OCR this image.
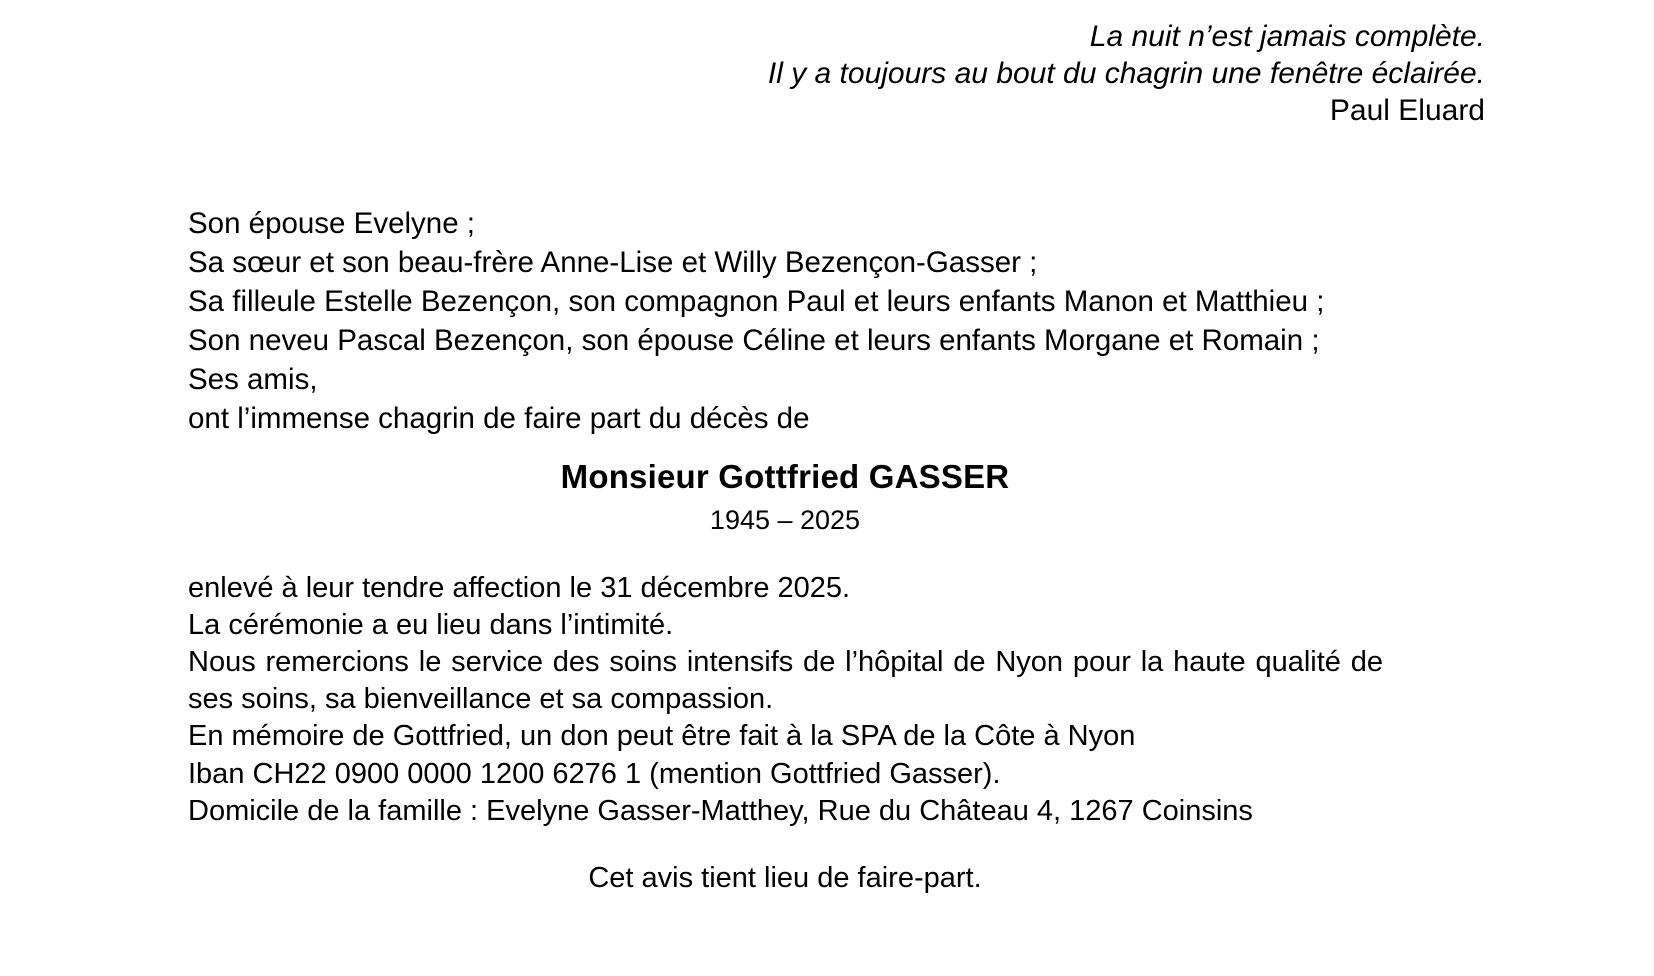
La nuit n’est jamais complète.
Il y a toujours au bout du chagrin une fenêtre éclairée.
Paul Eluard
Son épouse Evelyne ;
Sa sœur et son beau-frère Anne-Lise et Willy Bezençon-Gasser ;
Sa filleule Estelle Bezençon, son compagnon Paul et leurs enfants Manon et Matthieu ;
Son neveu Pascal Bezençon, son épouse Céline et leurs enfants Morgane et Romain ;
Ses amis,
ont l’immense chagrin de faire part du décès de
Monsieur Gottfried GASSER
1945 – 2025
enlevé à leur tendre affection le 31 décembre 2025.
La cérémonie a eu lieu dans l’intimité.
Nous remercions le service des soins intensifs de l’hôpital de Nyon pour la haute qualité de ses soins, sa bienveillance et sa compassion.
En mémoire de Gottfried, un don peut être fait à la SPA de la Côte à Nyon
Iban CH22 0900 0000 1200 6276 1 (mention Gottfried Gasser).
Domicile de la famille : Evelyne Gasser-Matthey, Rue du Château 4, 1267 Coinsins
Cet avis tient lieu de faire-part.
